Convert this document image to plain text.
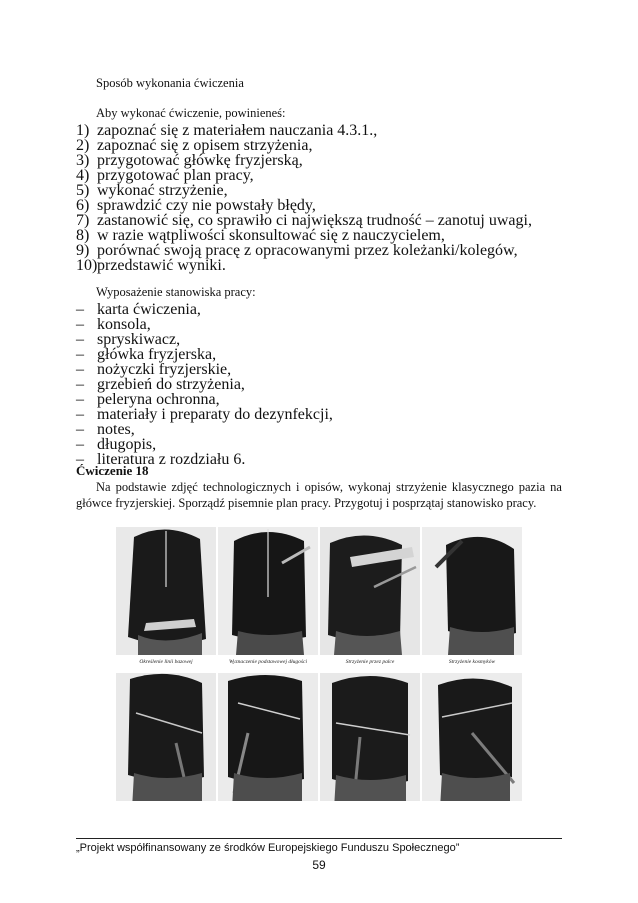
Sposób wykonania ćwiczenia
Aby wykonać ćwiczenie, powinieneś:
1) zapoznać się z materiałem nauczania 4.3.1.,
2) zapoznać się z opisem strzyżenia,
3) przygotować główkę fryzjerską,
4) przygotować plan pracy,
5) wykonać strzyżenie,
6) sprawdzić czy nie powstały błędy,
7) zastanowić się, co sprawiło ci największą trudność – zanotuj uwagi,
8) w razie wątpliwości skonsultować się z nauczycielem,
9) porównać swoją pracę z opracowanymi przez koleżanki/kolegów,
10) przedstawić wyniki.
Wyposażenie stanowiska pracy:
– karta ćwiczenia,
– konsola,
– spryskiwacz,
– główka fryzjerska,
– nożyczki fryzjerskie,
– grzebień do strzyżenia,
– peleryna ochronna,
– materiały i preparaty do dezynfekcji,
– notes,
– długopis,
– literatura z rozdziału 6.
Ćwiczenie 18
Na podstawie zdjęć technologicznych i opisów, wykonaj strzyżenie klasycznego pazia na główce fryzjerskiej. Sporządź pisemnie plan pracy. Przygotuj i posprzątaj stanowisko pracy.
Określenie linii bazowej	Wyznaczenie podstawowej długości	Strzyżenie przez palce	Strzyżenie kosmyków
„Projekt współfinansowany ze środków Europejskiego Funduszu Społecznego”
59
